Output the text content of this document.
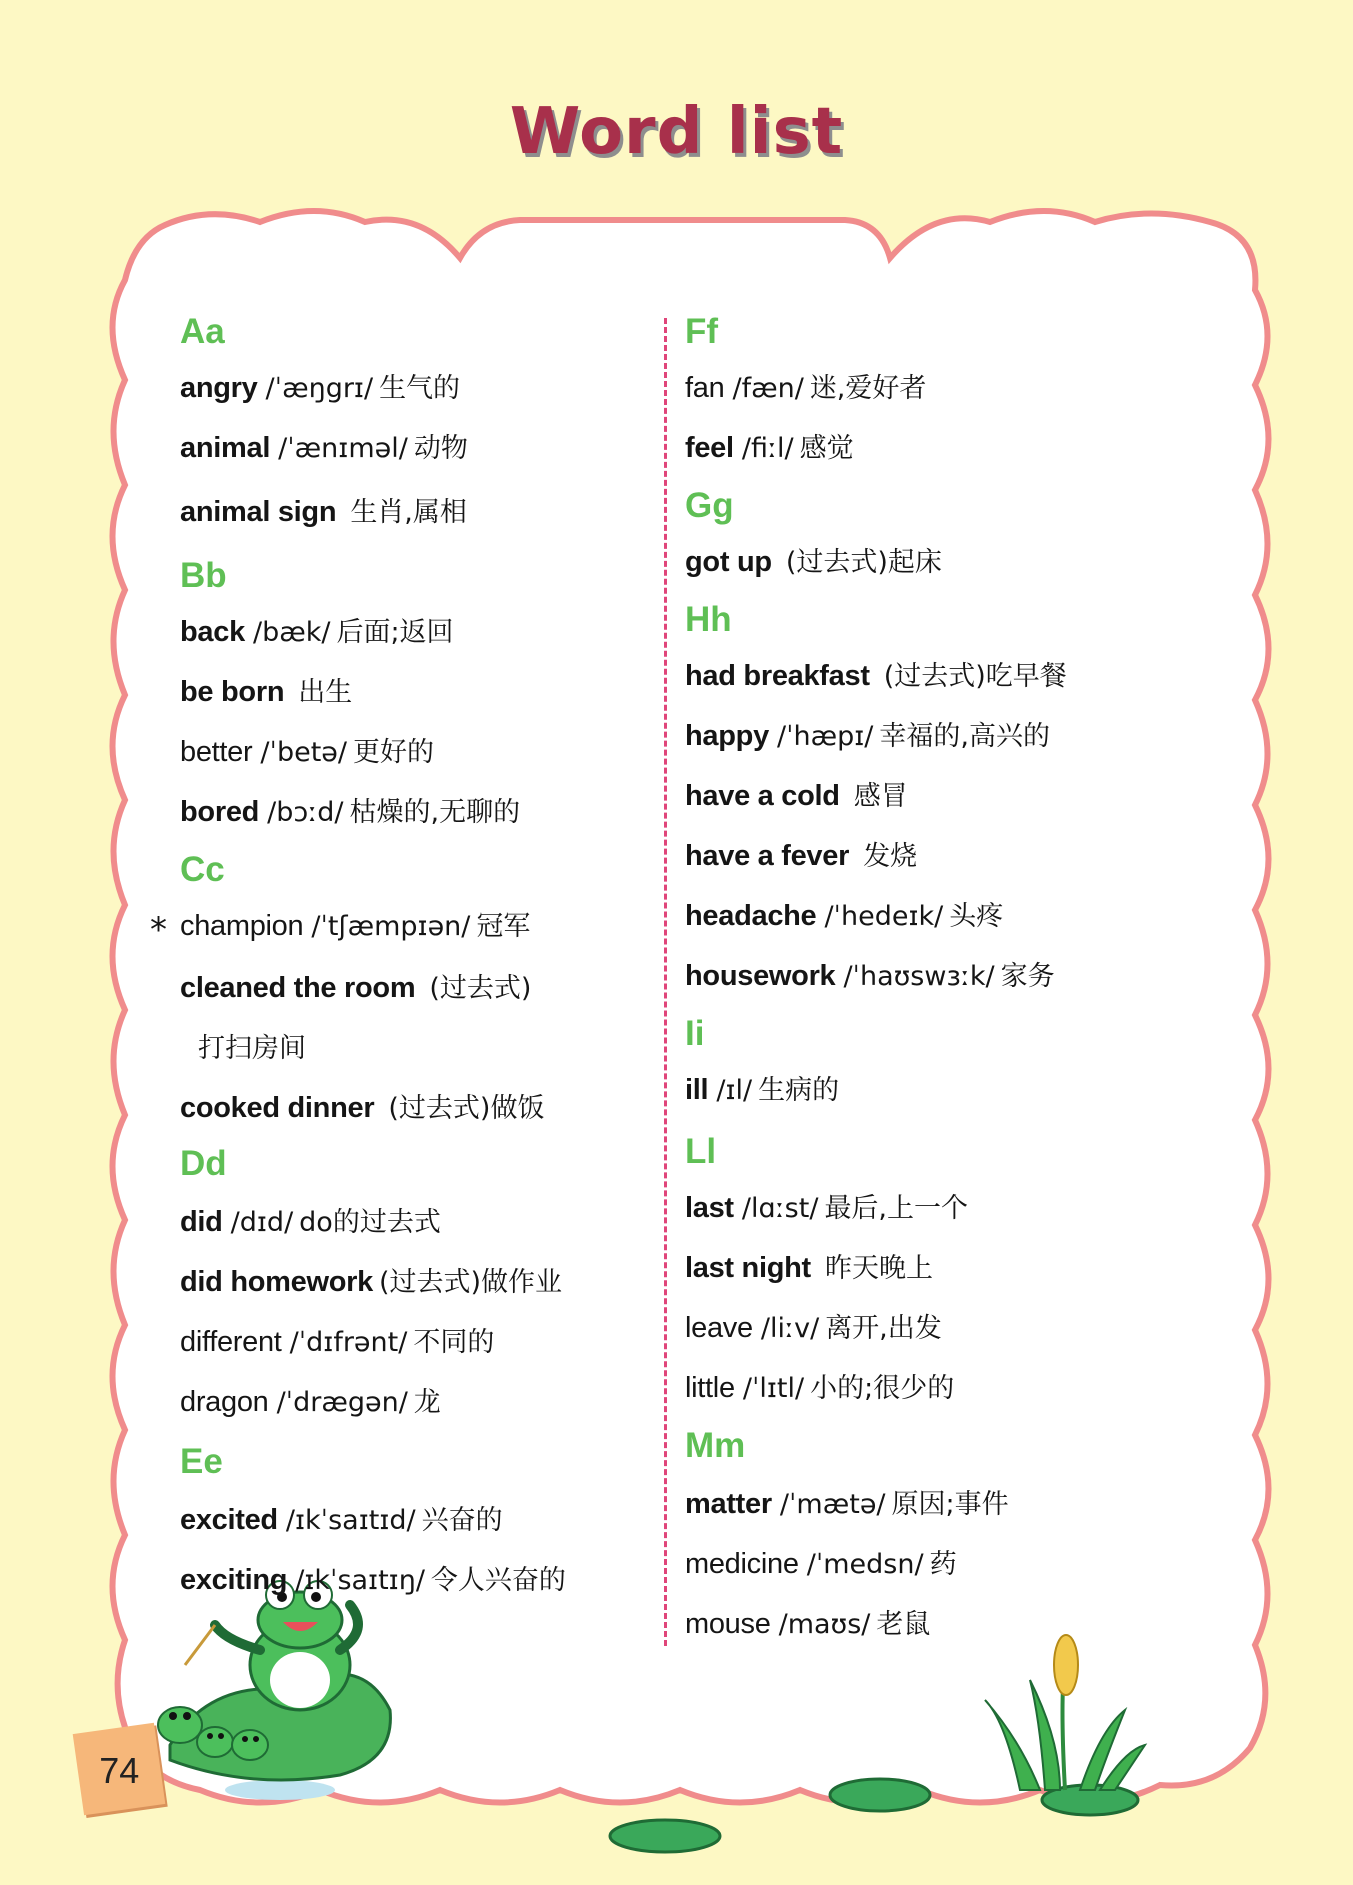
Word list
Aa
angry /ˈæŋgrɪ/ 生气的
animal /ˈænɪməl/ 动物
animal sign 生肖,属相
Bb
back /bæk/ 后面;返回
be born 出生
better /ˈbetə/ 更好的
bored /bɔːd/ 枯燥的,无聊的
Cc
* champion /ˈtʃæmpɪən/ 冠军
cleaned the room (过去式)
打扫房间
cooked dinner (过去式)做饭
Dd
did /dɪd/ do的过去式
did homework (过去式)做作业
different /ˈdɪfrənt/ 不同的
dragon /ˈdrægən/ 龙
Ee
excited /ɪkˈsaɪtɪd/ 兴奋的
exciting /ɪkˈsaɪtɪŋ/ 令人兴奋的
Ff
fan /fæn/ 迷,爱好者
feel /fiːl/ 感觉
Gg
got up (过去式)起床
Hh
had breakfast (过去式)吃早餐
happy /ˈhæpɪ/ 幸福的,高兴的
have a cold 感冒
have a fever 发烧
headache /ˈhedeɪk/ 头疼
housework /ˈhaʊswɜːk/ 家务
Ii
ill /ɪl/ 生病的
Ll
last /lɑːst/ 最后,上一个
last night 昨天晚上
leave /liːv/ 离开,出发
little /ˈlɪtl/ 小的;很少的
Mm
matter /ˈmætə/ 原因;事件
medicine /ˈmedsn/ 药
mouse /maʊs/ 老鼠
74
